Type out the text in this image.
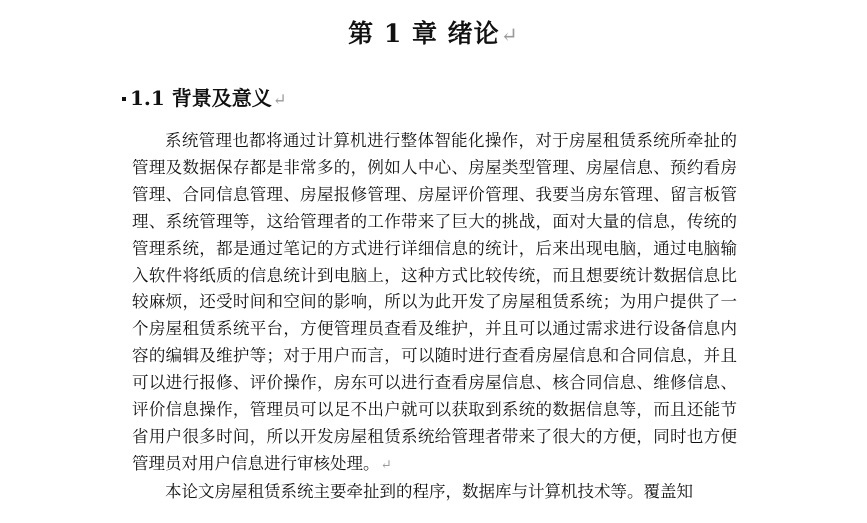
第 1 章 绪论↵
1.1 背景及意义↵

系统管理也都将通过计算机进行整体智能化操作，对于房屋租赁系统所牵扯的管理及数据保存都是非常多的，例如人中心、房屋类型管理、房屋信息、预约看房管理、合同信息管理、房屋报修管理、房屋评价管理、我要当房东管理、留言板管理、系统管理等，这给管理者的工作带来了巨大的挑战，面对大量的信息，传统的管理系统，都是通过笔记的方式进行详细信息的统计，后来出现电脑，通过电脑输入软件将纸质的信息统计到电脑上，这种方式比较传统，而且想要统计数据信息比较麻烦，还受时间和空间的影响，所以为此开发了房屋租赁系统；为用户提供了一个房屋租赁系统平台，方便管理员查看及维护，并且可以通过需求进行设备信息内容的编辑及维护等；对于用户而言，可以随时进行查看房屋信息和合同信息，并且可以进行报修、评价操作，房东可以进行查看房屋信息、核合同信息、维修信息、评价信息操作，管理员可以足不出户就可以获取到系统的数据信息等，而且还能节省用户很多时间，所以开发房屋租赁系统给管理者带来了很大的方便，同时也方便管理员对用户信息进行审核处理。↵

本论文房屋租赁系统主要牵扯到的程序，数据库与计算机技术等。覆盖知
